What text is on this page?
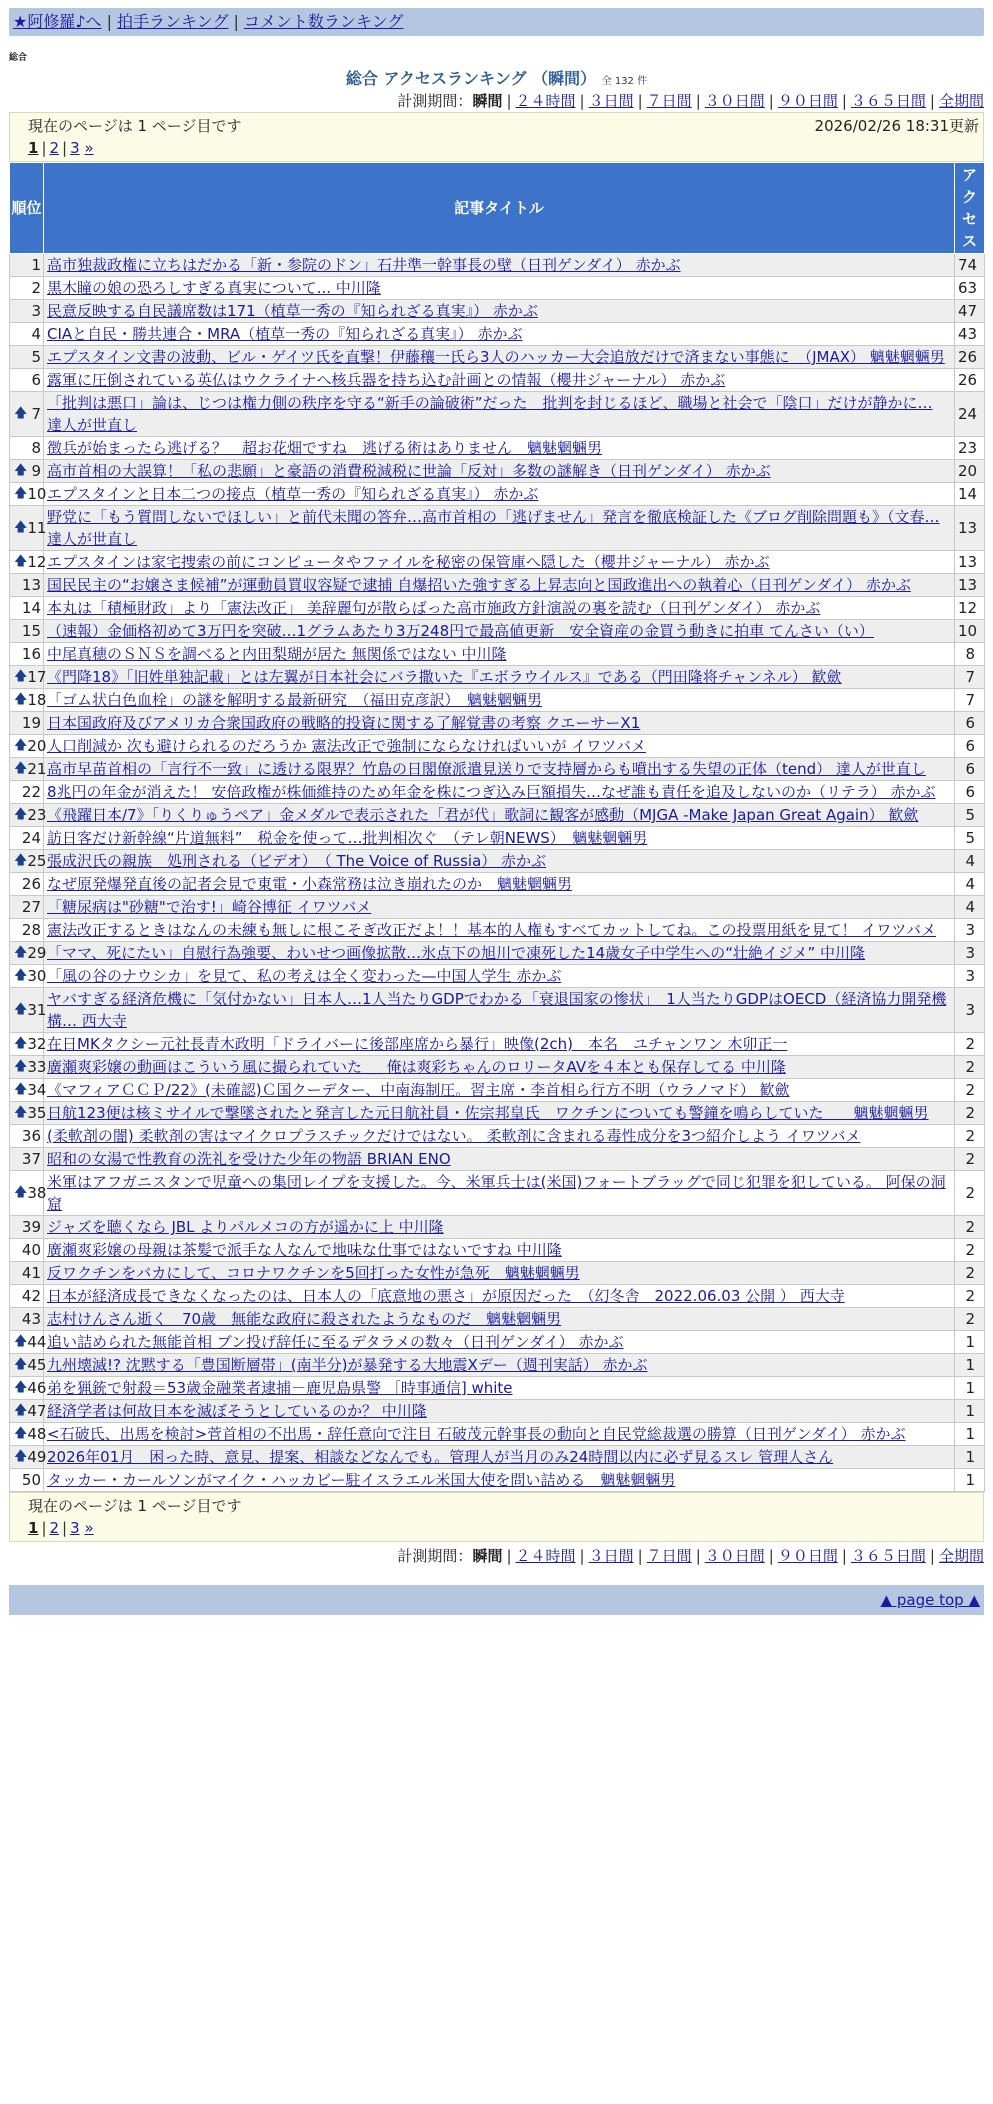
★阿修羅♪へ | 拍手ランキング | コメント数ランキング
総合
総合 アクセスランキング （瞬間） 全 132 件
計測期間：瞬間 | ２４時間 | ３日間 | ７日間 | ３０日間 | ９０日間 | ３６５日間 | 全期間
現在のページは 1 ページ目です	2026/02/26 18:31更新
1 | 2 | 3 »
順位	記事タイトル	アクセス
1	高市独裁政権に立ちはだかる「新・参院のドン」石井準一幹事長の壁（日刊ゲンダイ） 赤かぶ	74
2	黒木瞳の娘の恐ろしすぎる真実について... 中川隆	63
3	民意反映する自民議席数は171（植草一秀の『知られざる真実』） 赤かぶ	47
4	CIAと自民・勝共連合・MRA（植草一秀の『知られざる真実』） 赤かぶ	43
5	エプスタイン文書の波動、ビル・ゲイツ氏を直撃！伊藤穰一氏ら3人のハッカー大会追放だけで済まない事態に　（JMAX） 魑魅魍魎男	26
6	露軍に圧倒されている英仏はウクライナへ核兵器を持ち込む計画との情報（櫻井ジャーナル） 赤かぶ	26

🡅 7	「批判は悪口」論は、じつは権力側の秩序を守る“新手の論破術”だった　批判を封じるほど、職場と社会で「陰口」だけが静かに… 達人が世直し	24
8	徴兵が始まったら逃げる？　超お花畑ですね　逃げる術はありません　魑魅魍魎男	23

🡅 9	高市首相の大誤算！「私の悲願」と豪語の消費税減税に世論「反対」多数の謎解き（日刊ゲンダイ） 赤かぶ	20

🡅 10	エプスタインと日本二つの接点（植草一秀の『知られざる真実』） 赤かぶ	14

🡅 11	野党に「もう質問しないでほしい」と前代未聞の答弁…高市首相の「逃げません」発言を徹底検証した《ブログ削除問題も》（文春… 達人が世直し	13

🡅 12	エプスタインは家宅捜索の前にコンピュータやファイルを秘密の保管庫へ隠した（櫻井ジャーナル） 赤かぶ	13
13	国民民主の“お嬢さま候補”が運動員買収容疑で逮捕 自爆招いた強すぎる上昇志向と国政進出への執着心（日刊ゲンダイ） 赤かぶ	13
14	本丸は「積極財政」より「憲法改正」 美辞麗句が散らばった高市施政方針演説の裏を読む（日刊ゲンダイ） 赤かぶ	12
15	（速報）金価格初めて3万円を突破…1グラムあたり3万248円で最高値更新　安全資産の金買う動きに拍車 てんさい（い）	10
16	中尾真穂のＳＮＳを調べると内田梨瑚が居た 無関係ではない 中川隆	8

🡅 17	《門降18》「旧姓単独記載」とは左翼が日本社会にバラ撒いた『エボラウイルス』である（門田隆将チャンネル） 歓歛	7

🡅 18	「ゴム状白色血栓」の謎を解明する最新研究　（福田克彦訳）　魑魅魍魎男	7
19	日本国政府及びアメリカ合衆国政府の戦略的投資に関する了解覚書の考察 クエーサーX1	6

🡅 20	人口削減か 次も避けられるのだろうか 憲法改正で強制にならなければいいが イワツバメ	6

🡅 21	高市早苗首相の「言行不一致」に透ける限界？竹島の日閣僚派遣見送りで支持層からも噴出する失望の正体（tend） 達人が世直し	6
22	8兆円の年金が消えた！ 安倍政権が株価維持のため年金を株につぎ込み巨額損失…なぜ誰も責任を追及しないのか（リテラ） 赤かぶ	6

🡅 23	《飛躍日本/7》「りくりゅうペア」金メダルで表示された「君が代」歌詞に観客が感動（MJGA -Make Japan Great Again） 歓歛	5
24	訪日客だけ新幹線“片道無料”　税金を使って…批判相次ぐ　（テレ朝NEWS）　魑魅魍魎男	5

🡅 25	張成沢氏の親族　処刑される（ビデオ）　（ The Voice of Russia） 赤かぶ	4
26	なぜ原発爆発直後の記者会見で東電・小森常務は泣き崩れたのか　魑魅魍魎男	4
27	「糖尿病は"砂糖"で治す!」崎谷博征 イワツバメ	4
28	憲法改正するときはなんの未練も無しに根こそぎ改正だよ！！基本的人権もすべてカットしてね。この投票用紙を見て！ イワツバメ	3

🡅 29	「ママ、死にたい」自慰行為強要、わいせつ画像拡散…氷点下の旭川で凍死した14歳女子中学生への“壮絶イジメ” 中川隆	3

🡅 30	「風の谷のナウシカ」を見て、私の考えは全く変わった—中国人学生 赤かぶ	3

🡅 31	ヤバすぎる経済危機に「気付かない」日本人…1人当たりGDPでわかる「衰退国家の惨状」　1人当たりGDPはOECD（経済協力開発機構… 西大寺	3

🡅 32	在日MKタクシー元社長青木政明「ドライバーに後部座席から暴行」映像(2ch)　本名　ユチャンワン 木卯正一	2

🡅 33	廣瀬爽彩嬢の動画はこういう風に撮られていた ＿ 俺は爽彩ちゃんのロリータAVを４本とも保存してる 中川隆	2

🡅 34	《マフィアＣＣＰ/22》(未確認)Ｃ国クーデター、中南海制圧。習主席・李首相ら行方不明（ウラノマド） 歓歛	2

🡅 35	日航123便は核ミサイルで撃墜されたと発言した元日航社員・佐宗邦皇氏　ワクチンについても警鐘を鳴らしていた　　魑魅魍魎男	2
36	(柔軟剤の闇) 柔軟剤の害はマイクロプラスチックだけではない。 柔軟剤に含まれる毒性成分を3つ紹介しよう イワツバメ	2
37	昭和の女湯で性教育の洗礼を受けた少年の物語 BRIAN ENO	2

🡅 38	米軍はアフガニスタンで児童への集団レイプを支援した。今、米軍兵士は(米国)フォートブラッグで同じ犯罪を犯している。 阿保の洞窟	2
39	ジャズを聴くなら JBL よりパルメコの方が遥かに上 中川隆	2
40	廣瀬爽彩嬢の母親は茶髪で派手な人なんで地味な仕事ではないですね 中川隆	2
41	反ワクチンをバカにして、コロナワクチンを5回打った女性が急死　魑魅魍魎男	2
42	日本が経済成長できなくなったのは、日本人の「底意地の悪さ」が原因だった　（幻冬舎　2022.06.03 公開 ） 西大寺	2
43	志村けんさん逝く　70歳　無能な政府に殺されたようなものだ　魑魅魍魎男	2

🡅 44	追い詰められた無能首相 ブン投げ辞任に至るデタラメの数々（日刊ゲンダイ） 赤かぶ	1

🡅 45	九州壊滅!? 沈黙する「豊国断層帯」(南半分)が暴発する大地震Xデー（週刊実話） 赤かぶ	1

🡅 46	弟を猟銃で射殺＝53歳金融業者逮捕－鹿児島県警 ［時事通信] white	1

🡅 47	経済学者は何故日本を滅ぼそうとしているのか？ 中川隆	1

🡅 48	<石破氏、出馬を検討>菅首相の不出馬・辞任意向で注目 石破茂元幹事長の動向と自民党総裁選の勝算（日刊ゲンダイ） 赤かぶ	1

🡅 49	2026年01月　困った時、意見、提案、相談などなんでも。管理人が当月のみ24時間以内に必ず見るスレ 管理人さん	1
50	タッカー・カールソンがマイク・ハッカビー駐イスラエル米国大使を問い詰める　魑魅魍魎男	1
現在のページは 1 ページ目です
1 | 2 | 3 »
計測期間：瞬間 | ２４時間 | ３日間 | ７日間 | ３０日間 | ９０日間 | ３６５日間 | 全期間
▲ page top ▲
